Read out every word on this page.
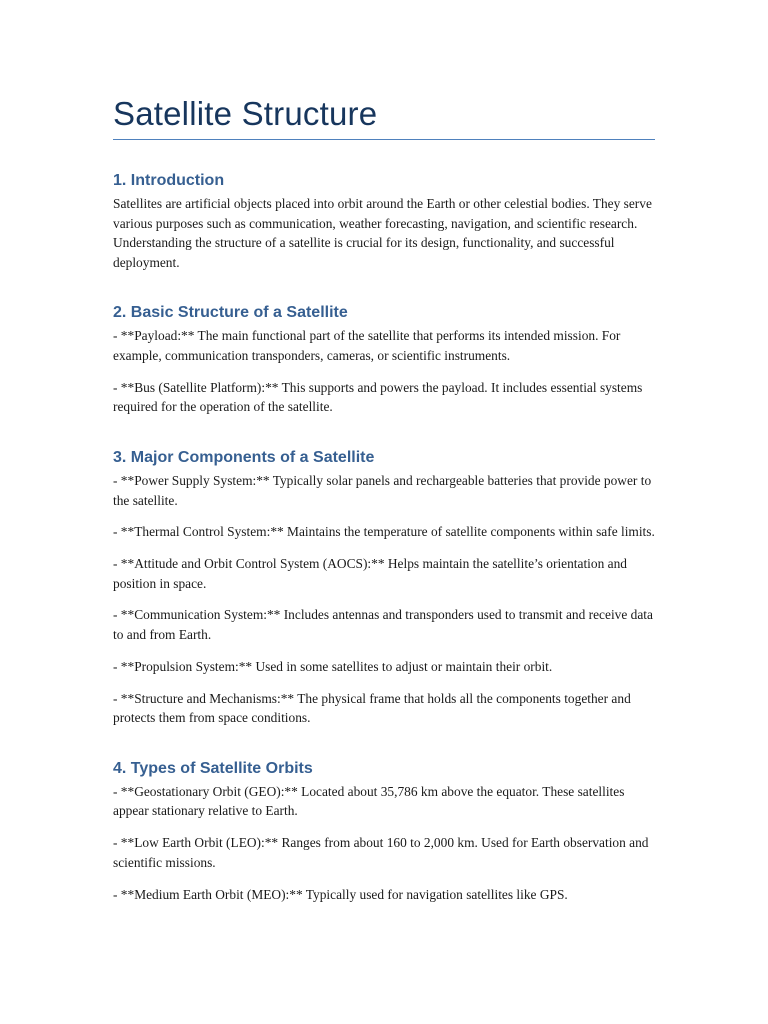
Satellite Structure
1. Introduction

Satellites are artificial objects placed into orbit around the Earth or other celestial bodies. They serve various purposes such as communication, weather forecasting, navigation, and scientific research. Understanding the structure of a satellite is crucial for its design, functionality, and successful deployment.

2. Basic Structure of a Satellite

- **Payload:** The main functional part of the satellite that performs its intended mission. For example, communication transponders, cameras, or scientific instruments.

- **Bus (Satellite Platform):** This supports and powers the payload. It includes essential systems required for the operation of the satellite.

3. Major Components of a Satellite

- **Power Supply System:** Typically solar panels and rechargeable batteries that provide power to the satellite.

- **Thermal Control System:** Maintains the temperature of satellite components within safe limits.

- **Attitude and Orbit Control System (AOCS):** Helps maintain the satellite’s orientation and position in space.

- **Communication System:** Includes antennas and transponders used to transmit and receive data to and from Earth.

- **Propulsion System:** Used in some satellites to adjust or maintain their orbit.

- **Structure and Mechanisms:** The physical frame that holds all the components together and protects them from space conditions.

4. Types of Satellite Orbits

- **Geostationary Orbit (GEO):** Located about 35,786 km above the equator. These satellites appear stationary relative to Earth.

- **Low Earth Orbit (LEO):** Ranges from about 160 to 2,000 km. Used for Earth observation and scientific missions.

- **Medium Earth Orbit (MEO):** Typically used for navigation satellites like GPS.
